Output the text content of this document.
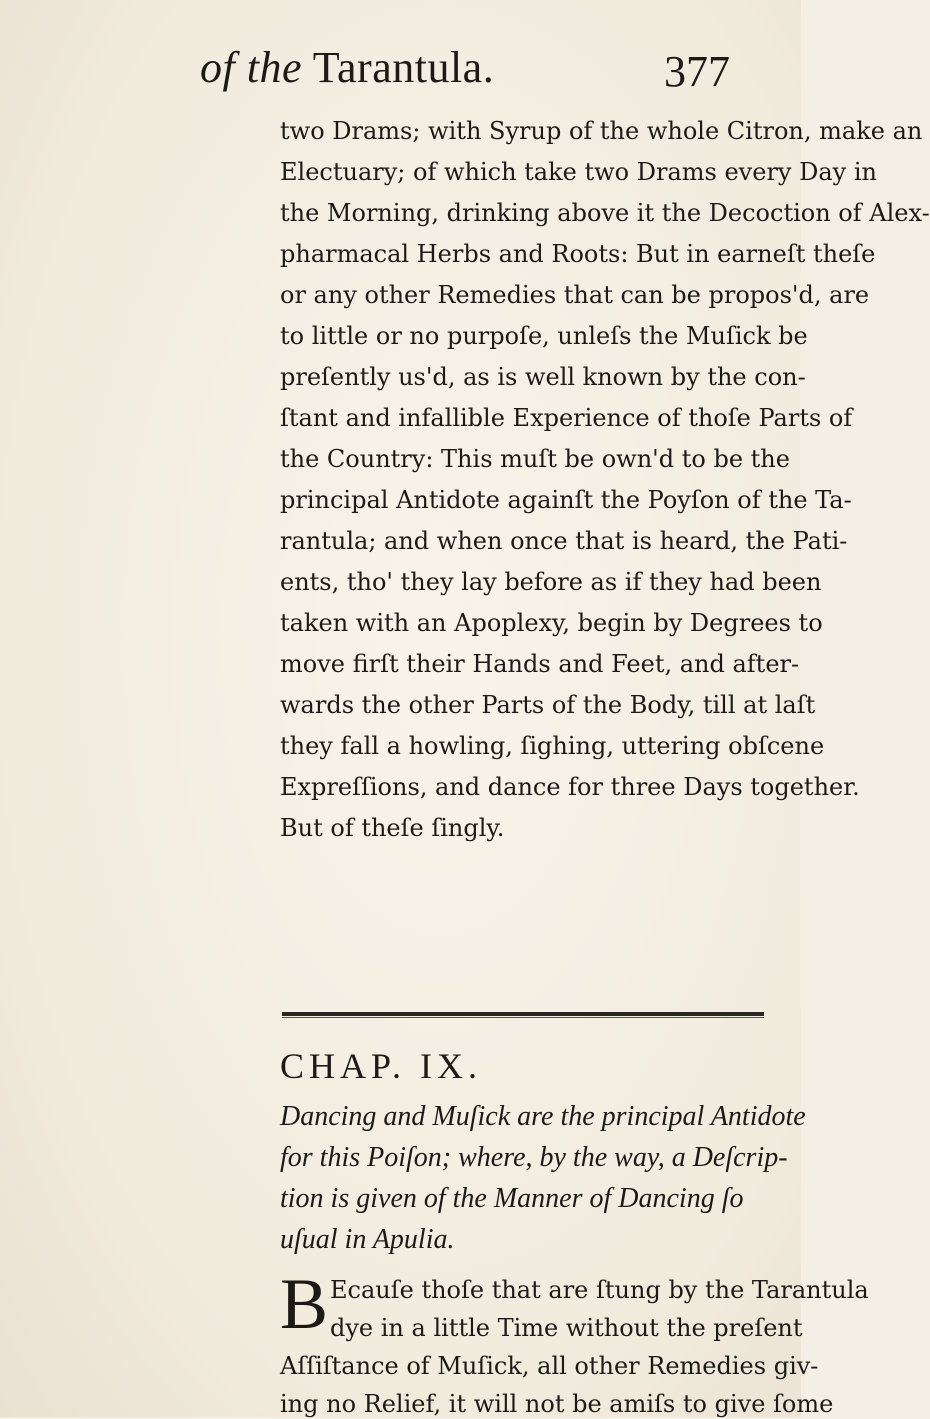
of the Tarantula.	377
two Drams; with Syrup of the whole Citron, make an
Electuary; of which take two Drams every Day in
the Morning, drinking above it the Decoction of Alex-
pharmacal Herbs and Roots: But in earneſt theſe
or any other Remedies that can be propos'd, are
to little or no purpoſe, unleſs the Muſick be
preſently us'd, as is well known by the con-
ſtant and infallible Experience of thoſe Parts of
the Country: This muſt be own'd to be the
principal Antidote againſt the Poyſon of the Ta-
rantula; and when once that is heard, the Pati-
ents, tho' they lay before as if they had been
taken with an Apoplexy, begin by Degrees to
move firſt their Hands and Feet, and after-
wards the other Parts of the Body, till at laſt
they fall a howling, ſighing, uttering obſcene
Expreſſions, and dance for three Days together.
But of theſe ſingly.
CHAP. IX.
Dancing and Muſick are the principal Antidote
for this Poiſon; where, by the way, a Deſcrip-
tion is given of the Manner of Dancing ſo
uſual in Apulia.
B Ecauſe thoſe that are ſtung by the Tarantula
dye in a little Time without the preſent
Aſſiſtance of Muſick, all other Remedies giv-
ing no Relief, it will not be amiſs to give ſome
